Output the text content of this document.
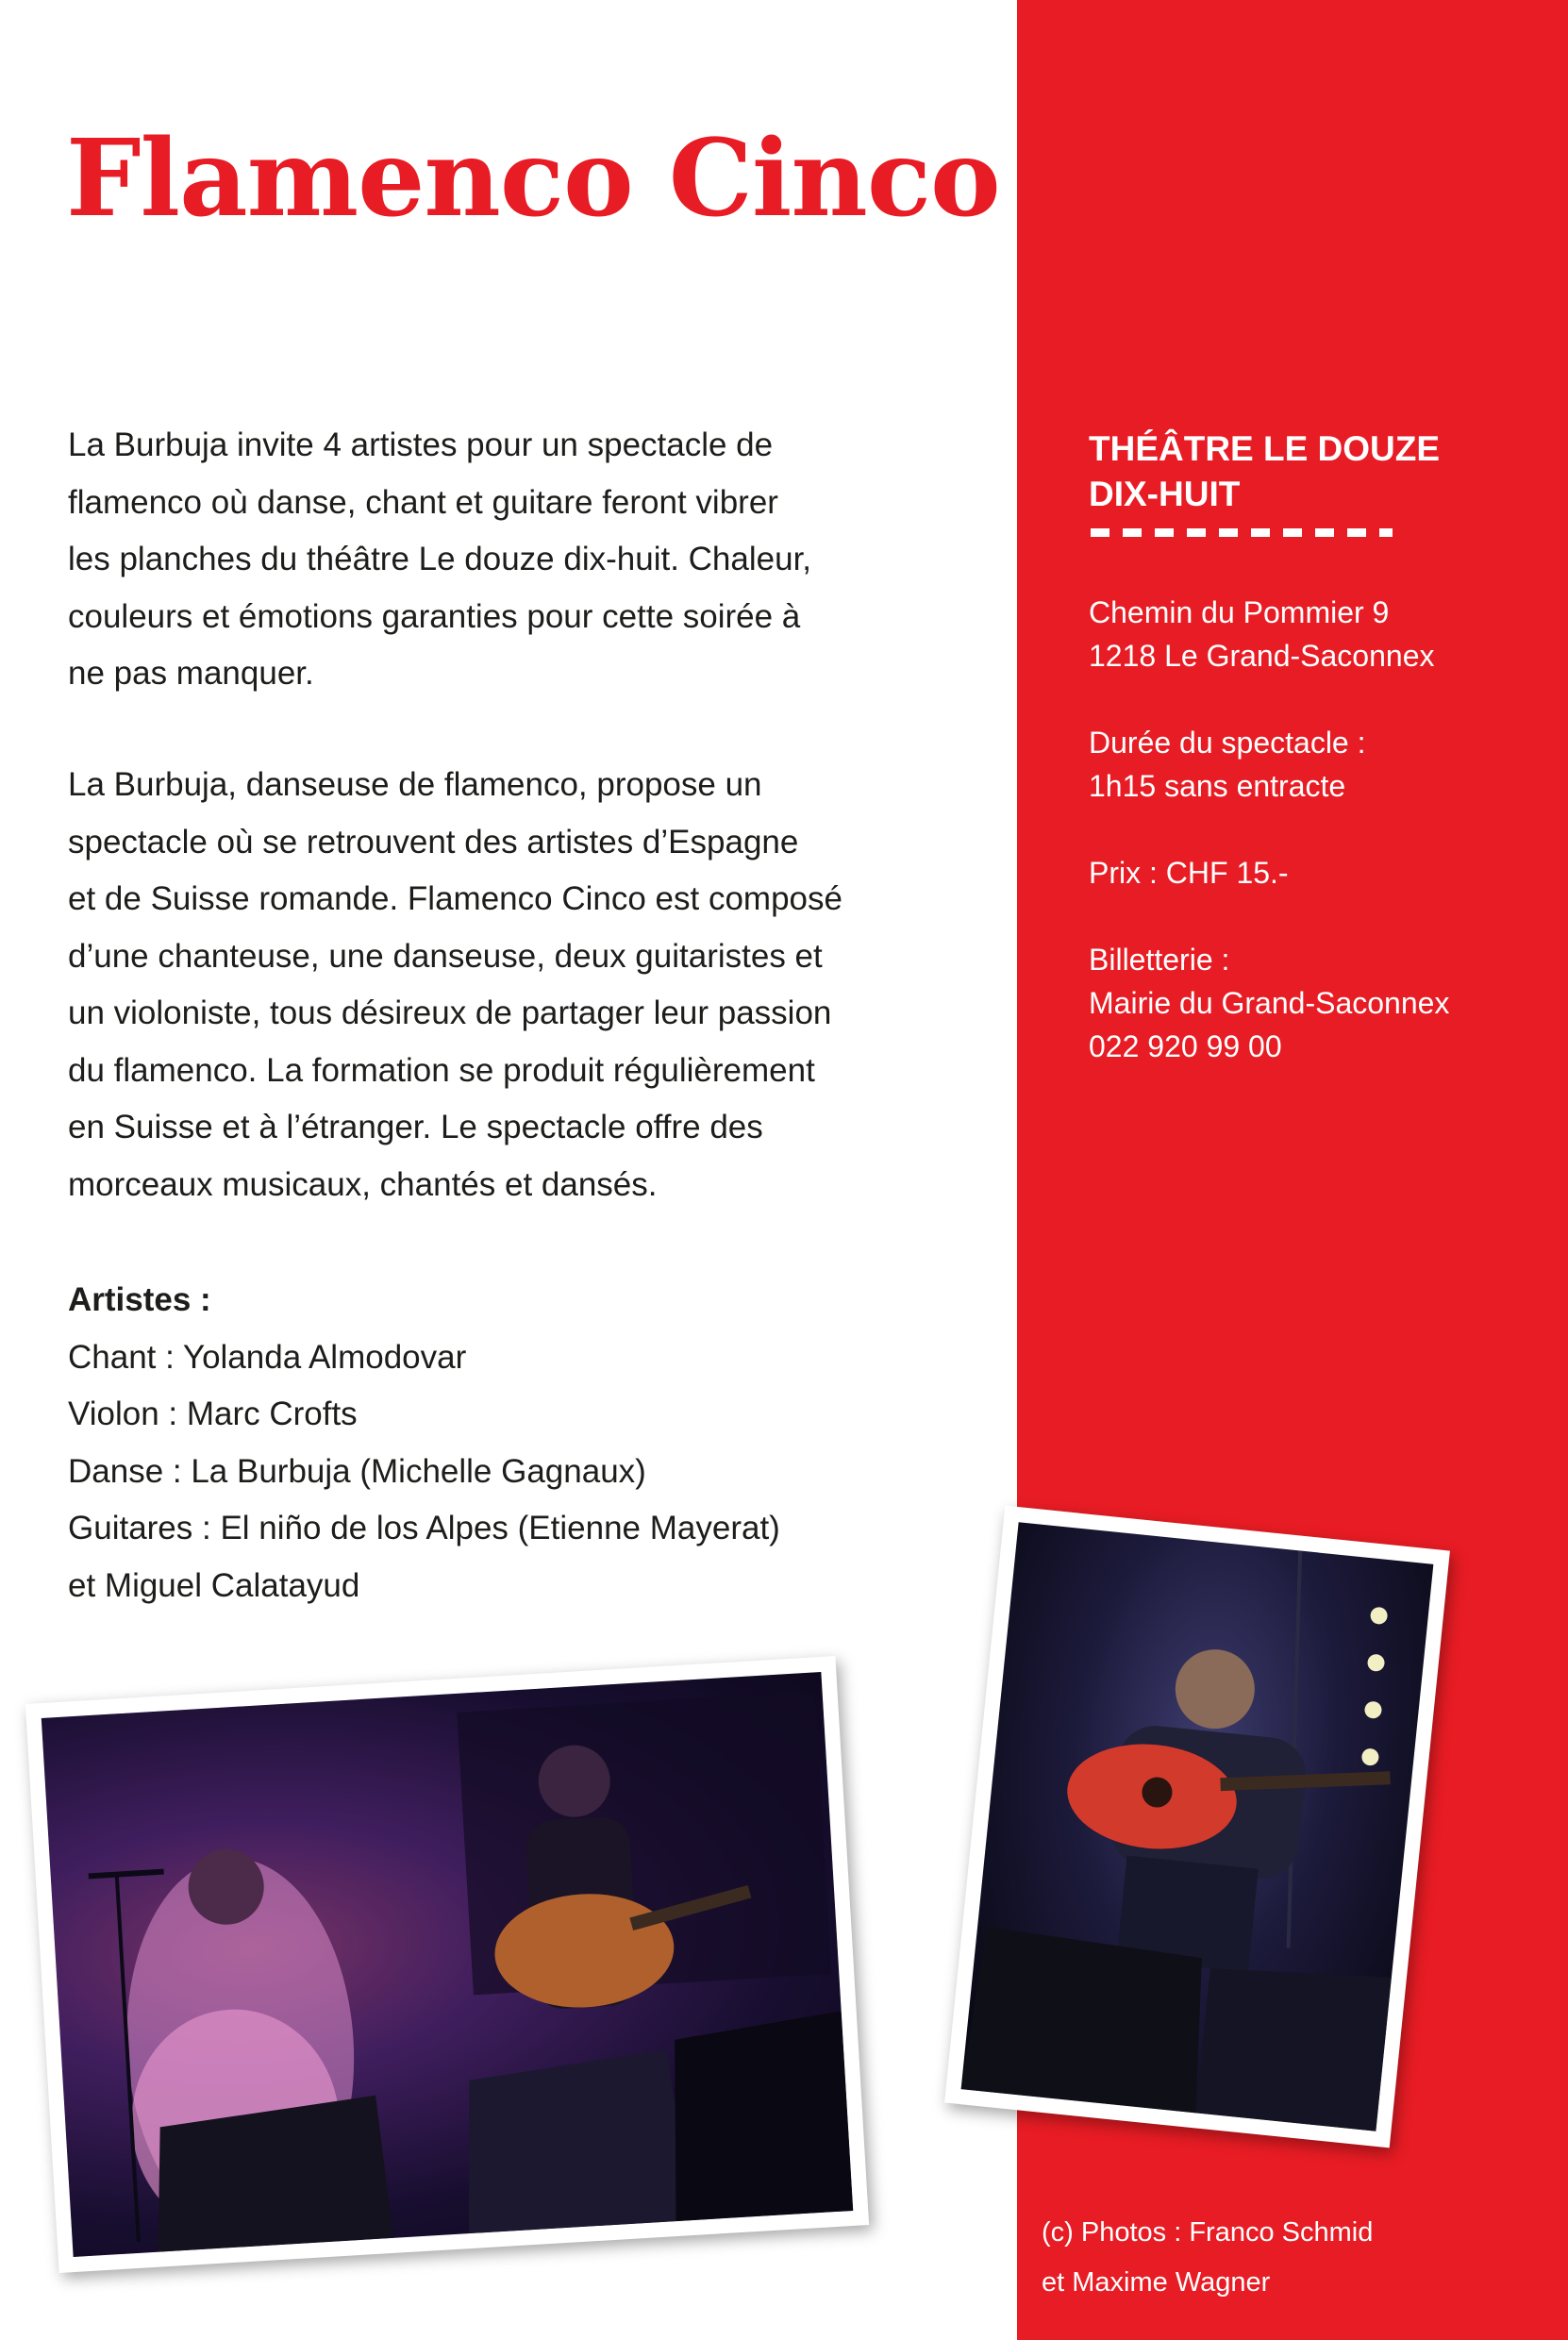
Flamenco Cinco

La Burbuja invite 4 artistes pour un spectacle de

flamenco où danse, chant et guitare feront vibrer

les planches du théâtre Le douze dix-huit. Chaleur,

couleurs et émotions garanties pour cette soirée à

ne pas manquer.

La Burbuja, danseuse de flamenco, propose un

spectacle où se retrouvent des artistes d’Espagne

et de Suisse romande. Flamenco Cinco est composé

d’une chanteuse, une danseuse, deux guitaristes et

un violoniste, tous désireux de partager leur passion

du flamenco. La formation se produit régulièrement

en Suisse et à l’étranger. Le spectacle offre des

morceaux musicaux, chantés et dansés.

Artistes :

Chant : Yolanda Almodovar

Violon : Marc Crofts

Danse : La Burbuja (Michelle Gagnaux)

Guitares : El niño de los Alpes (Etienne Mayerat)

et Miguel Calatayud

THÉÂTRE LE DOUZE
DIX-HUIT
Chemin du Pommier 9
1218 Le Grand-Saconnex
Durée du spectacle :
1h15 sans entracte
Prix : CHF 15.-
Billetterie :
Mairie du Grand-Saconnex
022 920 99 00
(c) Photos : Franco Schmid
et Maxime Wagner
